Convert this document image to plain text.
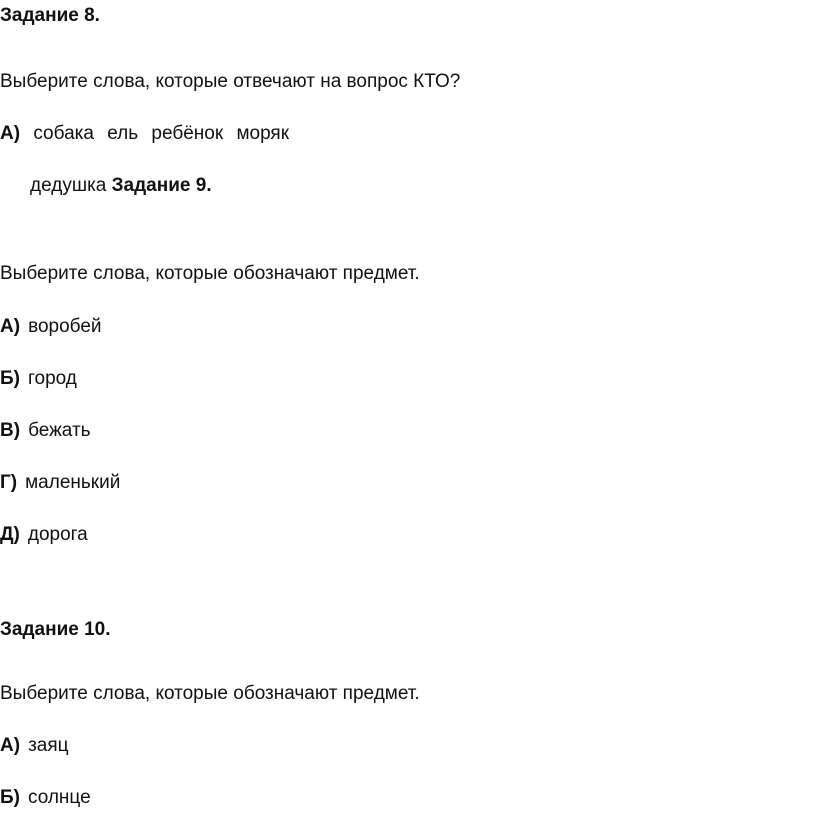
Задание 8.
Выберите слова, которые отвечают на вопрос КТО?
А) собака ель ребёнок моряк
дедушка Задание 9.
Выберите слова, которые обозначают предмет.
А) воробей
Б) город
В) бежать
Г) маленький
Д) дорога
Задание 10.
Выберите слова, которые обозначают предмет.
А) заяц
Б) солнце
